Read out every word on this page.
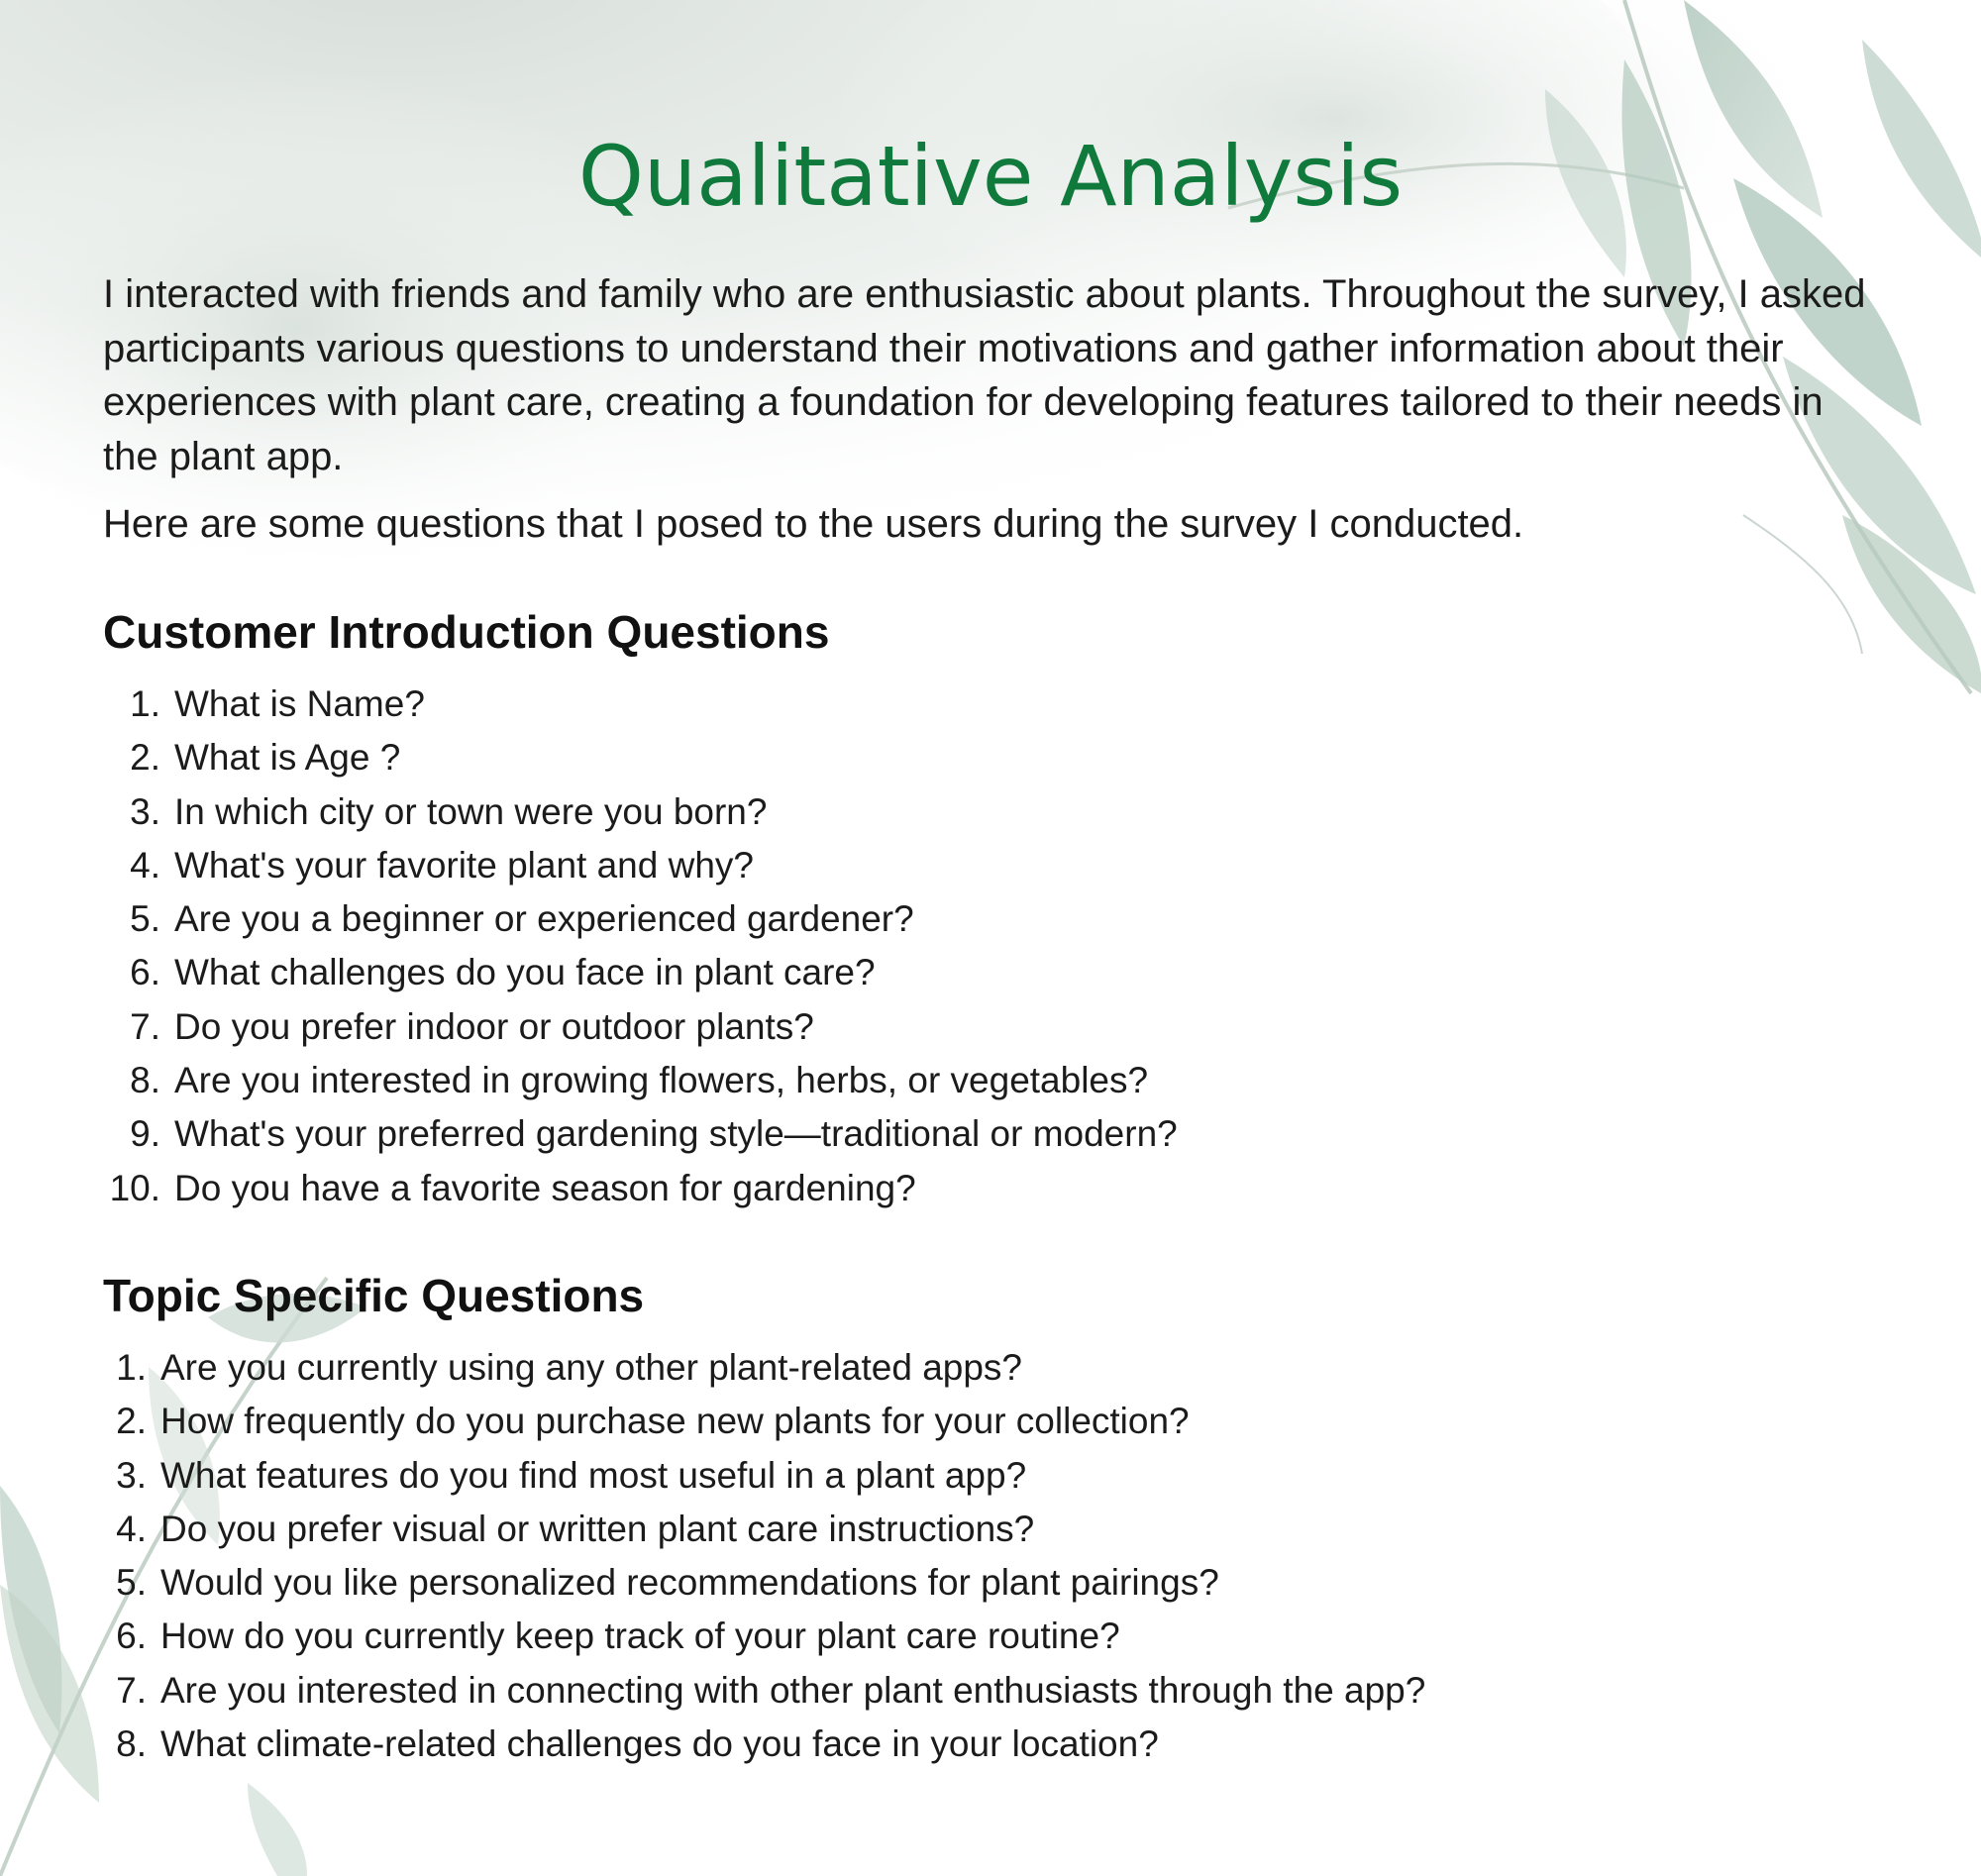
Qualitative Analysis

I interacted with friends and family who are enthusiastic about plants. Throughout the survey, I asked participants various questions to understand their motivations and gather information about their experiences with plant care, creating a foundation for developing features tailored to their needs in the plant app.

Here are some questions that I posed to the users during the survey I conducted.

Customer Introduction Questions
1. What is Name?
2. What is Age ?
3. In which city or town were you born?
4. What's your favorite plant and why?
5. Are you a beginner or experienced gardener?
6. What challenges do you face in plant care?
7. Do you prefer indoor or outdoor plants?
8. Are you interested in growing flowers, herbs, or vegetables?
9. What's your preferred gardening style—traditional or modern?
10. Do you have a favorite season for gardening?
Topic Specific Questions
1. Are you currently using any other plant-related apps?
2. How frequently do you purchase new plants for your collection?
3. What features do you find most useful in a plant app?
4. Do you prefer visual or written plant care instructions?
5. Would you like personalized recommendations for plant pairings?
6. How do you currently keep track of your plant care routine?
7. Are you interested in connecting with other plant enthusiasts through the app?
8. What climate-related challenges do you face in your location?
